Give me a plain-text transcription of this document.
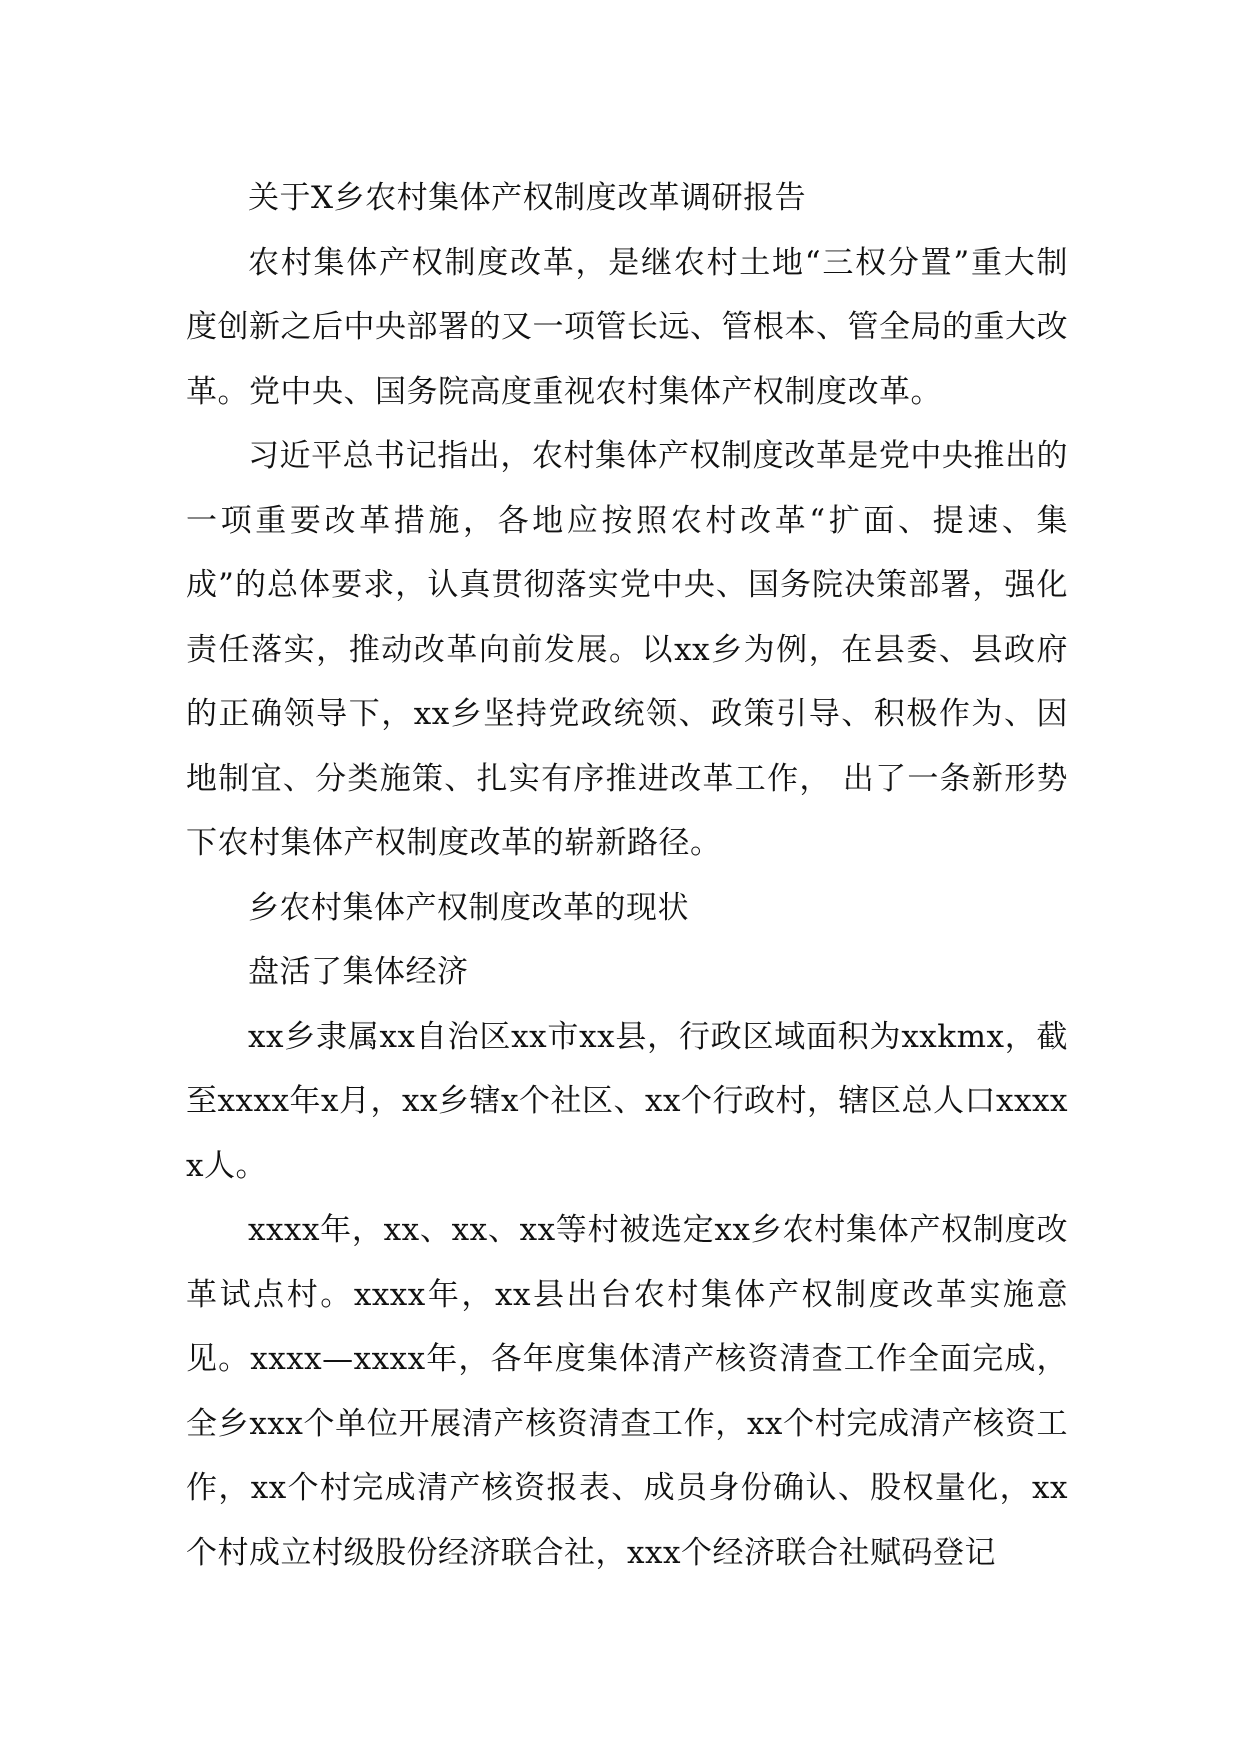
关于X乡农村集体产权制度改革调研报告

农村集体产权制度改革，是继农村土地“三权分置”重大制度创新之后中央部署的又一项管长远、管根本、管全局的重大改革。党中央、国务院高度重视农村集体产权制度改革。

习近平总书记指出，农村集体产权制度改革是党中央推出的一项重要改革措施，各地应按照农村改革“扩面、提速、集成”的总体要求，认真贯彻落实党中央、国务院决策部署，强化责任落实，推动改革向前发展。以xx乡为例，在县委、县政府的正确领导下，xx乡坚持党政统领、政策引导、积极作为、因地制宜、分类施策、扎实有序推进改革工作， 出了一条新形势下农村集体产权制度改革的崭新路径。

乡农村集体产权制度改革的现状

盘活了集体经济

xx乡隶属xx自治区xx市xx县，行政区域面积为xxkmx，截至xxxx年x月，xx乡辖x个社区、xx个行政村，辖区总人口xxxxx人。

xxxx年，xx、xx、xx等村被选定xx乡农村集体产权制度改革试点村。xxxx年，xx县出台农村集体产权制度改革实施意见。xxxx—xxxx年，各年度集体清产核资清查工作全面完成，全乡xxx个单位开展清产核资清查工作，xx个村完成清产核资工作，xx个村完成清产核资报表、成员身份确认、股权量化，xx个村成立村级股份经济联合社，xxx个经济联合社赋码登记
